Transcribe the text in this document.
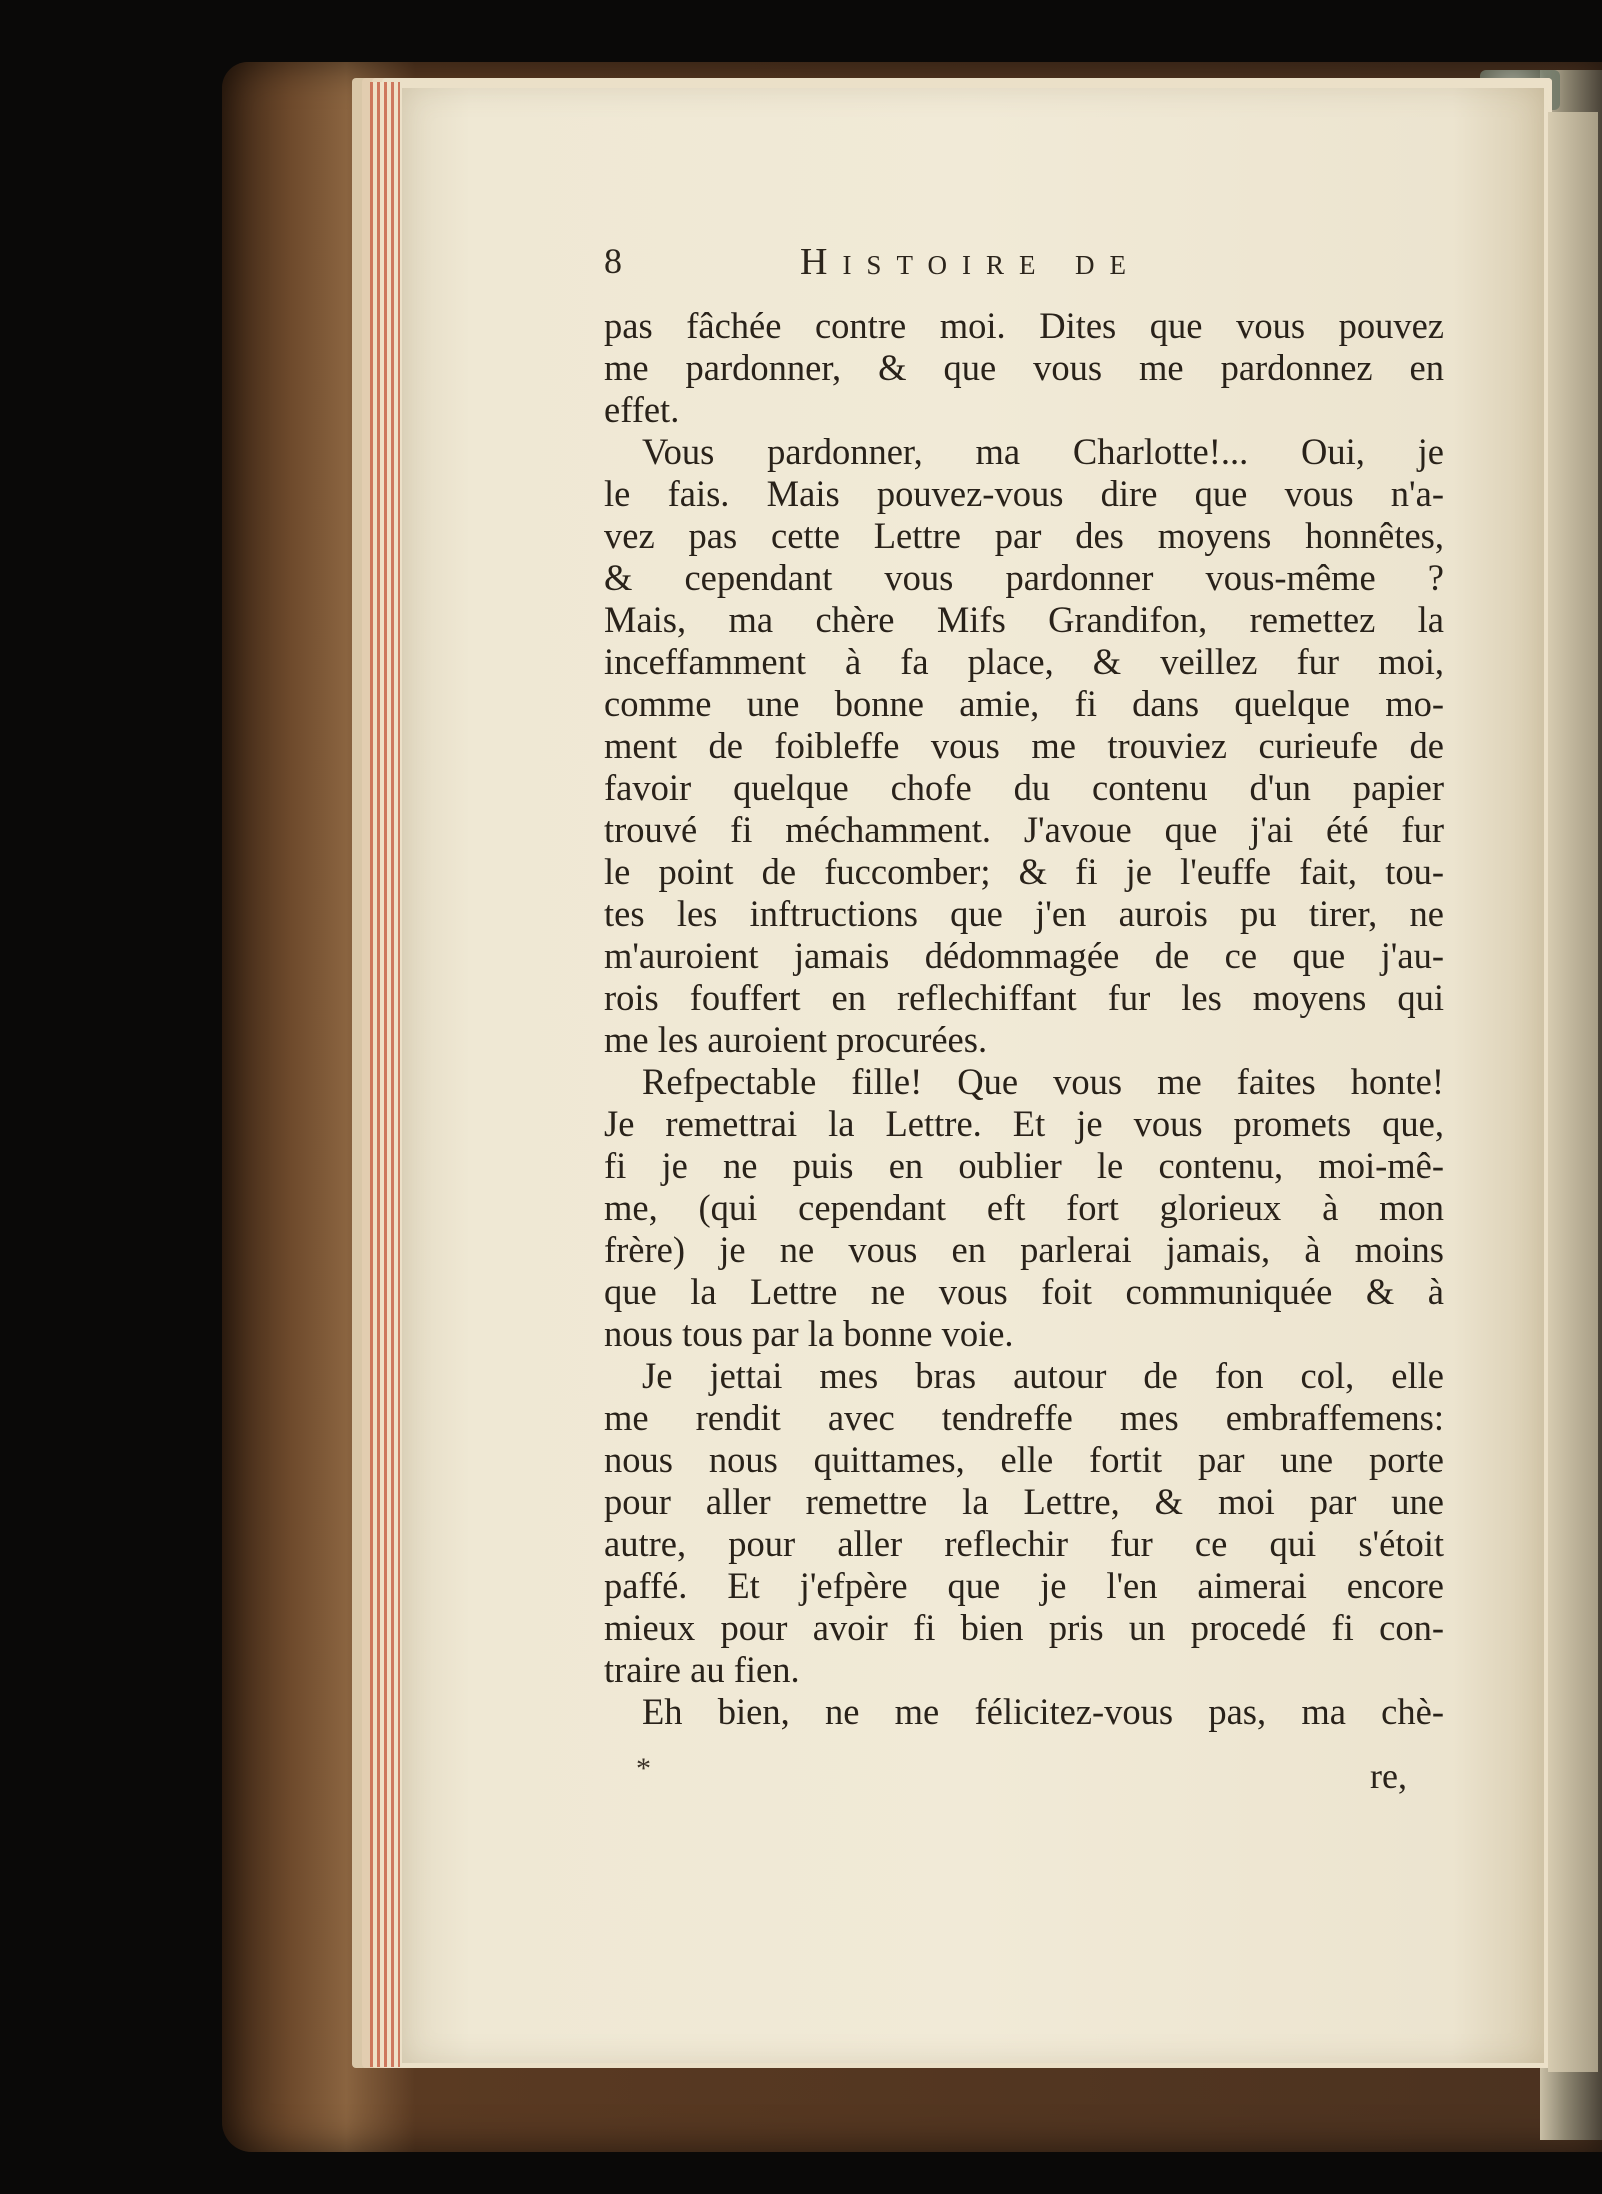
8	Histoire de
pas fâchée contre moi. Dites que vous pouvez
me pardonner, & que vous me pardonnez en
effet.
Vous pardonner, ma Charlotte!... Oui, je
le fais. Mais pouvez-vous dire que vous n'a-
vez pas cette Lettre par des moyens honnêtes,
& cependant vous pardonner vous-même ?
Mais, ma chère Mifs Grandifon, remettez la
inceffamment à fa place, & veillez fur moi,
comme une bonne amie, fi dans quelque mo-
ment de foibleffe vous me trouviez curieufe de
favoir quelque chofe du contenu d'un papier
trouvé fi méchamment. J'avoue que j'ai été fur
le point de fuccomber; & fi je l'euffe fait, tou-
tes les inftructions que j'en aurois pu tirer, ne
m'auroient jamais dédommagée de ce que j'au-
rois fouffert en reflechiffant fur les moyens qui
me les auroient procurées.
Refpectable fille! Que vous me faites honte!
Je remettrai la Lettre. Et je vous promets que,
fi je ne puis en oublier le contenu, moi-mê-
me, (qui cependant eft fort glorieux à mon
frère) je ne vous en parlerai jamais, à moins
que la Lettre ne vous foit communiquée & à
nous tous par la bonne voie.
Je jettai mes bras autour de fon col, elle
me rendit avec tendreffe mes embraffemens:
nous nous quittames, elle fortit par une porte
pour aller remettre la Lettre, & moi par une
autre, pour aller reflechir fur ce qui s'étoit
paffé. Et j'efpère que je l'en aimerai encore
mieux pour avoir fi bien pris un procedé fi con-
traire au fien.
Eh bien, ne me félicitez-vous pas, ma chè-
*	re,
